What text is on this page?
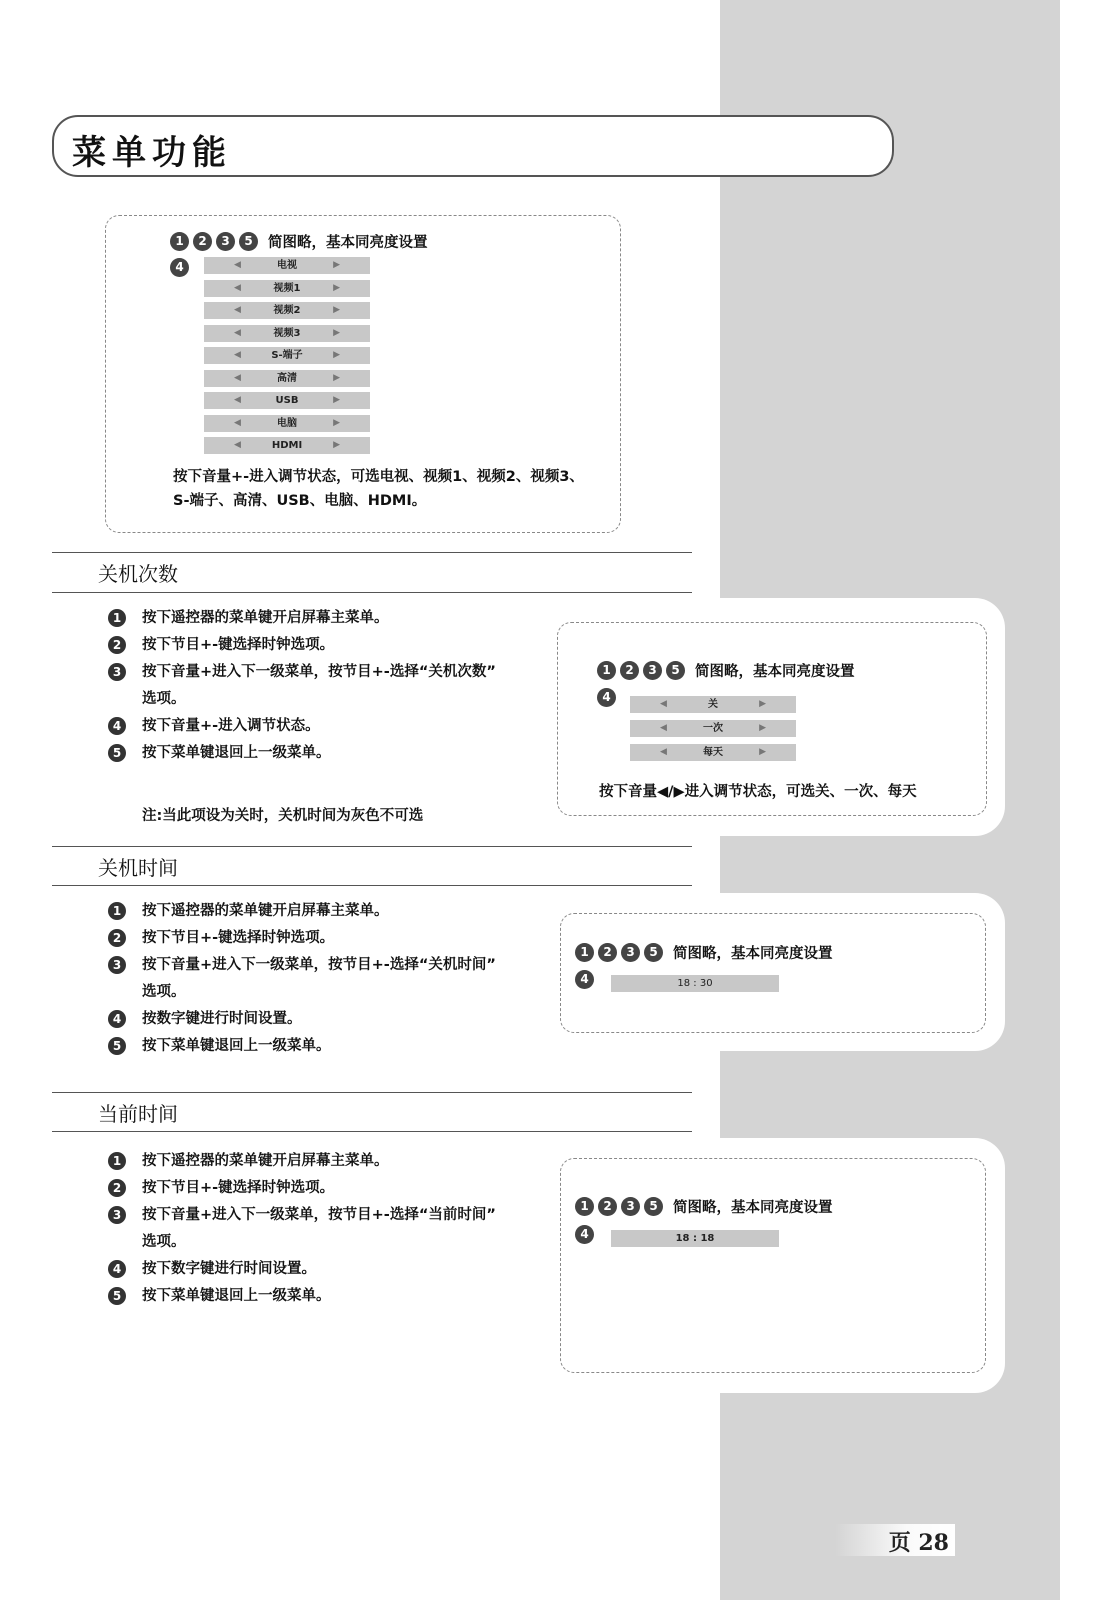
菜单功能
1	2	3	5	简图略，基本同亮度设置
4	◀	电视	▶
◀	视频1	▶
◀	视频2	▶
◀	视频3	▶
◀	S-端子	▶
◀	高清	▶
◀	USB	▶
◀	电脑	▶
◀	HDMI	▶
按下音量+-进入调节状态，可选电视、视频1、视频2、视频3、
S-端子、高清、USB、电脑、HDMI。
关机次数
1	按下遥控器的菜单键开启屏幕主菜单。
2	按下节目+-键选择时钟选项。
3	按下音量+进入下一级菜单，按节目+-选择“关机次数”
选项。
4	按下音量+-进入调节状态。
5	按下菜单键退回上一级菜单。
注:当此项设为关时，关机时间为灰色不可选
1	2	3	5	简图略，基本同亮度设置
4	◀	关	▶
◀	一次	▶
◀	每天	▶
按下音量◀/▶进入调节状态，可选关、一次、每天
关机时间
1	按下遥控器的菜单键开启屏幕主菜单。
2	按下节目+-键选择时钟选项。
3	按下音量+进入下一级菜单，按节目+-选择“关机时间”
选项。
4	按数字键进行时间设置。
5	按下菜单键退回上一级菜单。
1	2	3	5	简图略，基本同亮度设置
4	18 : 30
当前时间
1	按下遥控器的菜单键开启屏幕主菜单。
2	按下节目+-键选择时钟选项。
3	按下音量+进入下一级菜单，按节目+-选择“当前时间”
选项。
4	按下数字键进行时间设置。
5	按下菜单键退回上一级菜单。
1	2	3	5	简图略，基本同亮度设置
4	18 : 18
页 28
